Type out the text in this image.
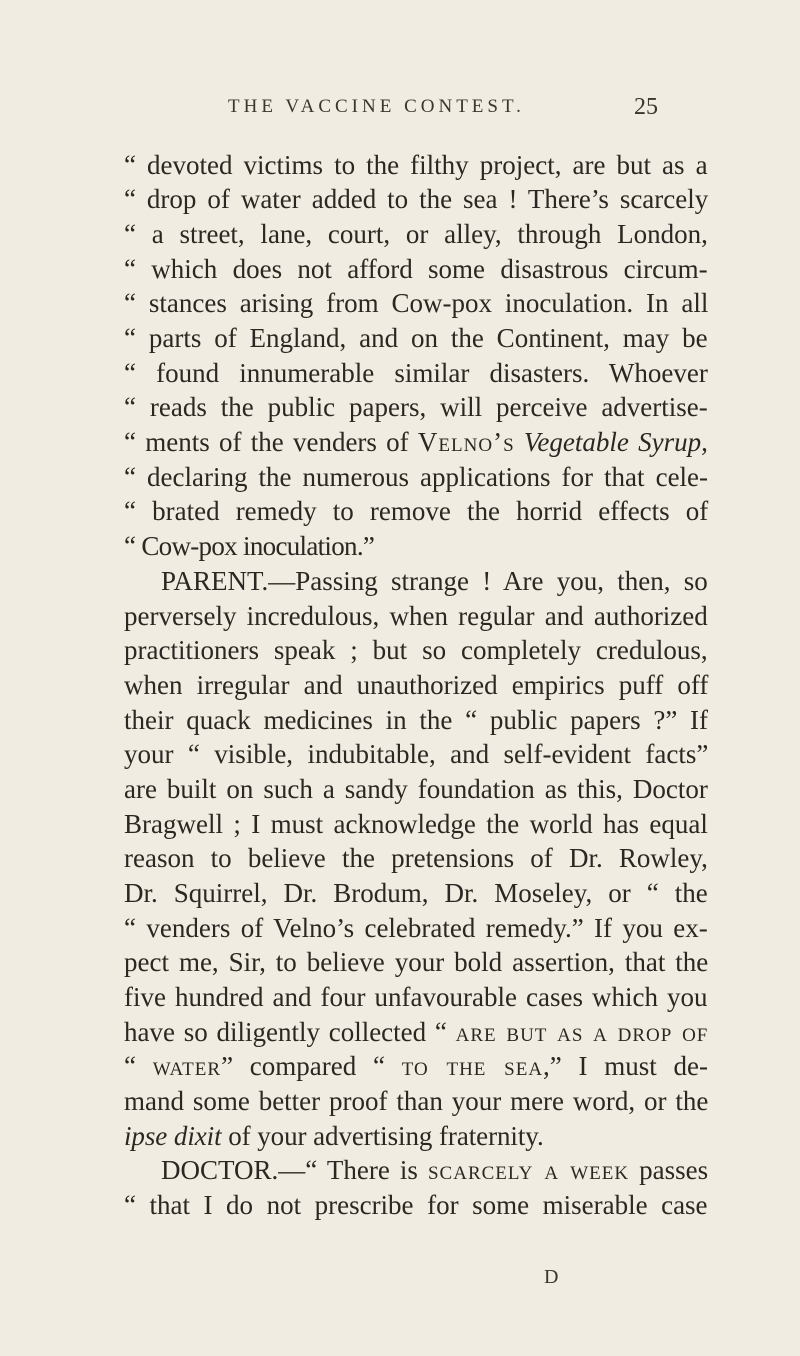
THE VACCINE CONTEST.	25
“ devoted victims to the filthy project, are but as a
“ drop of water added to the sea ! There’s scarcely
“ a street, lane, court, or alley, through London,
“ which does not afford some disastrous circum-
“ stances arising from Cow-pox inoculation. In all
“ parts of England, and on the Continent, may be
“ found innumerable similar disasters. Whoever
“ reads the public papers, will perceive advertise-
“ ments of the venders of Velno’s Vegetable Syrup,
“ declaring the numerous applications for that cele-
“ brated remedy to remove the horrid effects of
“ Cow-pox inoculation.”
PARENT.—Passing strange ! Are you, then, so
perversely incredulous, when regular and authorized
practitioners speak ; but so completely credulous,
when irregular and unauthorized empirics puff off
their quack medicines in the “ public papers ?” If
your “ visible, indubitable, and self-evident facts”
are built on such a sandy foundation as this, Doctor
Bragwell ; I must acknowledge the world has equal
reason to believe the pretensions of Dr. Rowley,
Dr. Squirrel, Dr. Brodum, Dr. Moseley, or “ the
“ venders of Velno’s celebrated remedy.” If you ex-
pect me, Sir, to believe your bold assertion, that the
five hundred and four unfavourable cases which you
have so diligently collected “ are but as a drop of
“ water” compared “ to the sea,” I must de-
mand some better proof than your mere word, or the
ipse dixit of your advertising fraternity.
DOCTOR.—“ There is scarcely a week passes
“ that I do not prescribe for some miserable case
D
